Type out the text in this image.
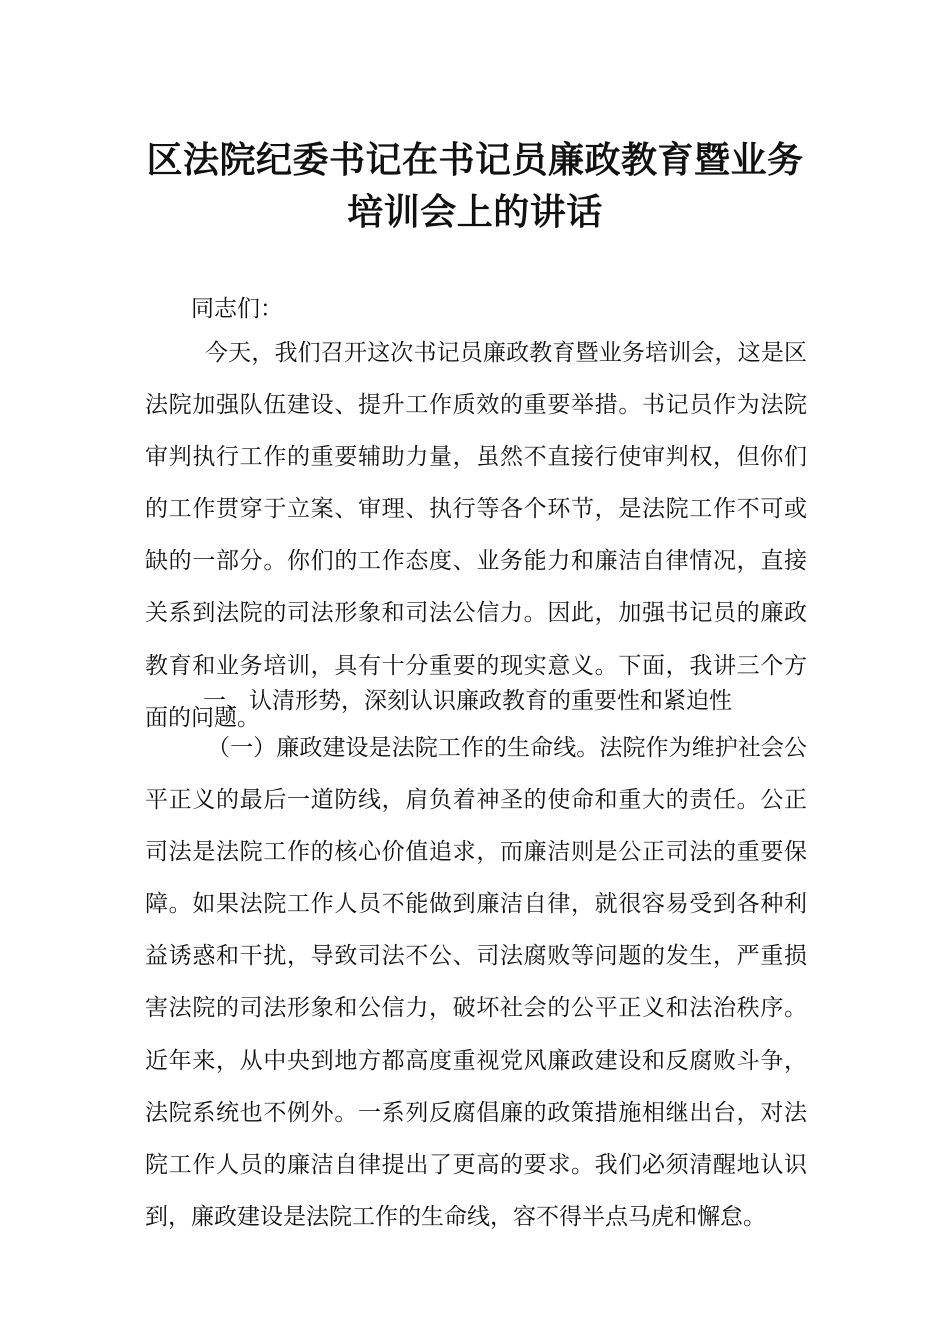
区法院纪委书记在书记员廉政教育暨业务
培训会上的讲话

同志们：

今天，我们召开这次书记员廉政教育暨业务培训会，这是区法院加强队伍建设、提升工作质效的重要举措。书记员作为法院审判执行工作的重要辅助力量，虽然不直接行使审判权，但你们的工作贯穿于立案、审理、执行等各个环节，是法院工作不可或缺的一部分。你们的工作态度、业务能力和廉洁自律情况，直接关系到法院的司法形象和司法公信力。因此，加强书记员的廉政教育和业务培训，具有十分重要的现实意义。下面，我讲三个方面的问题。

一、认清形势，深刻认识廉政教育的重要性和紧迫性

（一）廉政建设是法院工作的生命线。法院作为维护社会公平正义的最后一道防线，肩负着神圣的使命和重大的责任。公正司法是法院工作的核心价值追求，而廉洁则是公正司法的重要保障。如果法院工作人员不能做到廉洁自律，就很容易受到各种利益诱惑和干扰，导致司法不公、司法腐败等问题的发生，严重损害法院的司法形象和公信力，破坏社会的公平正义和法治秩序。近年来，从中央到地方都高度重视党风廉政建设和反腐败斗争，法院系统也不例外。一系列反腐倡廉的政策措施相继出台，对法院工作人员的廉洁自律提出了更高的要求。我们必须清醒地认识到，廉政建设是法院工作的生命线，容不得半点马虎和懈怠。
